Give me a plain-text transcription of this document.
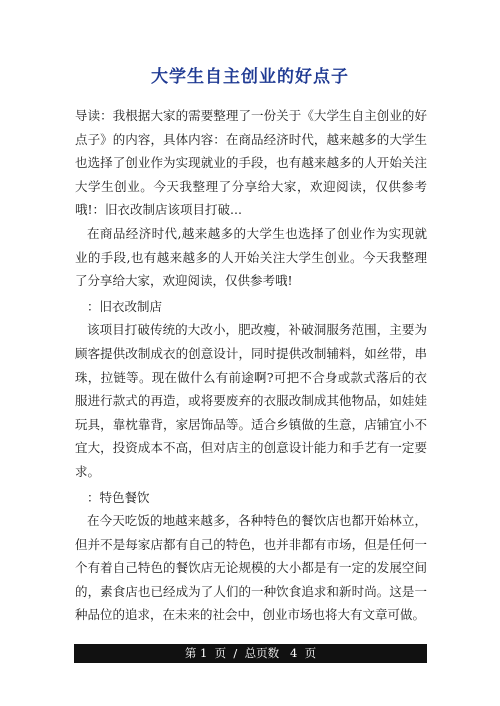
大学生自主创业的好点子

导读：我根据大家的需要整理了一份关于《大学生自主创业的好点子》的内容，具体内容：在商品经济时代，越来越多的大学生也选择了创业作为实现就业的手段，也有越来越多的人开始关注大学生创业。今天我整理了分享给大家，欢迎阅读，仅供参考哦!：旧衣改制店该项目打破...

在商品经济时代,越来越多的大学生也选择了创业作为实现就业的手段,也有越来越多的人开始关注大学生创业。今天我整理了分享给大家，欢迎阅读，仅供参考哦!

：旧衣改制店

该项目打破传统的大改小，肥改瘦，补破洞服务范围，主要为顾客提供改制成衣的创意设计，同时提供改制辅料，如丝带，串珠，拉链等。现在做什么有前途啊?可把不合身或款式落后的衣服进行款式的再造，或将要废弃的衣服改制成其他物品，如娃娃玩具，靠枕靠背，家居饰品等。适合乡镇做的生意，店铺宜小不宜大，投资成本不高，但对店主的创意设计能力和手艺有一定要求。

：特色餐饮

在今天吃饭的地越来越多，各种特色的餐饮店也都开始林立，但并不是每家店都有自己的特色，也并非都有市场，但是任何一个有着自己特色的餐饮店无论规模的大小都是有一定的发展空间的，素食店也已经成为了人们的一种饮食追求和新时尚。这是一种品位的追求，在未来的社会中，创业市场也将大有文章可做。

第 1  页  /  总页数   4  页
